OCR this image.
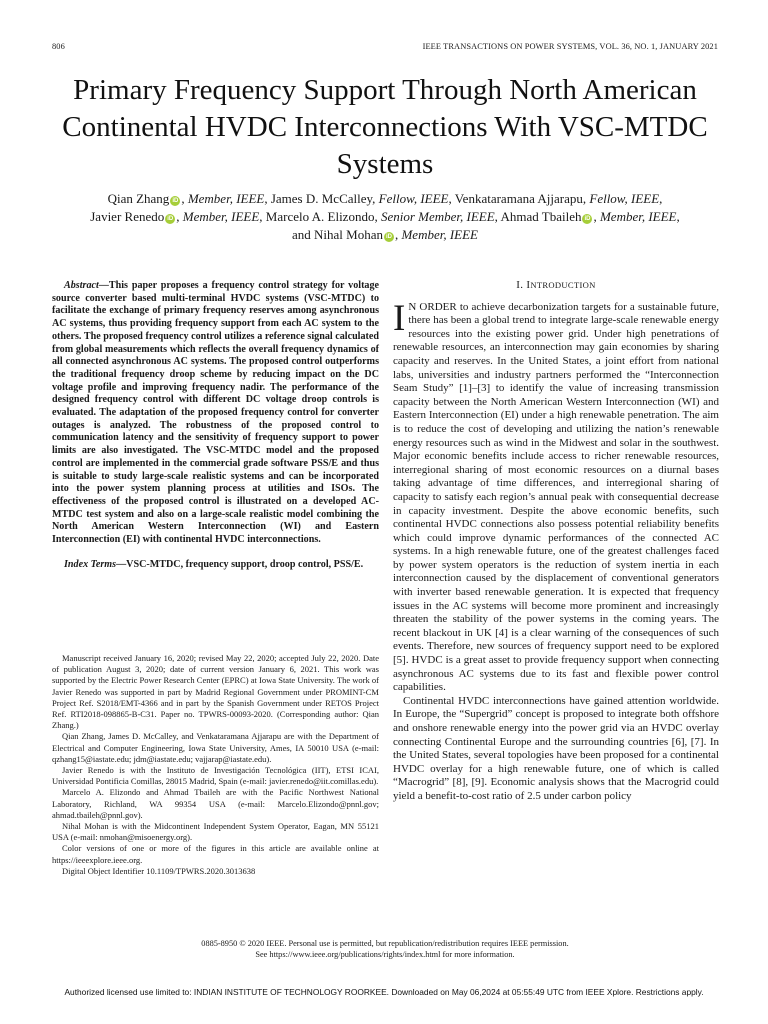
806	IEEE TRANSACTIONS ON POWER SYSTEMS, VOL. 36, NO. 1, JANUARY 2021
Primary Frequency Support Through North American Continental HVDC Interconnections With VSC-MTDC Systems
Qian Zhang iD , Member, IEEE, James D. McCalley, Fellow, IEEE, Venkataramana Ajjarapu, Fellow, IEEE,
Javier Renedo iD , Member, IEEE, Marcelo A. Elizondo, Senior Member, IEEE, Ahmad Tbaileh iD , Member, IEEE,
and Nihal Mohan iD , Member, IEEE

Abstract—This paper proposes a frequency control strategy for voltage source converter based multi-terminal HVDC systems (VSC-MTDC) to facilitate the exchange of primary frequency reserves among asynchronous AC systems, thus providing frequency support from each AC system to the others. The proposed frequency control utilizes a reference signal calculated from global measurements which reflects the overall frequency dynamics of all connected asynchronous AC systems. The proposed control outperforms the traditional frequency droop scheme by reducing impact on the DC voltage profile and improving frequency nadir. The performance of the designed frequency control with different DC voltage droop controls is evaluated. The adaptation of the proposed frequency control for converter outages is analyzed. The robustness of the proposed control to communication latency and the sensitivity of frequency support to power limits are also investigated. The VSC-MTDC model and the proposed control are implemented in the commercial grade software PSS/E and thus is suitable to study large-scale realistic systems and can be incorporated into the power system planning process at utilities and ISOs. The effectiveness of the proposed control is illustrated on a developed AC-MTDC test system and also on a large-scale realistic model combining the North American Western Interconnection (WI) and Eastern Interconnection (EI) with continental HVDC interconnections.

Index Terms—VSC-MTDC, frequency support, droop control, PSS/E.

Manuscript received January 16, 2020; revised May 22, 2020; accepted July 22, 2020. Date of publication August 3, 2020; date of current version January 6, 2021. This work was supported by the Electric Power Research Center (EPRC) at Iowa State University. The work of Javier Renedo was supported in part by Madrid Regional Government under PROMINT-CM Project Ref. S2018/EMT-4366 and in part by the Spanish Government under RETOS Project Ref. RTI2018-098865-B-C31. Paper no. TPWRS-00093-2020. (Corresponding author: Qian Zhang.)

Qian Zhang, James D. McCalley, and Venkataramana Ajjarapu are with the Department of Electrical and Computer Engineering, Iowa State University, Ames, IA 50010 USA (e-mail: qzhang15@iastate.edu; jdm@iastate.edu; vajjarap@iastate.edu).

Javier Renedo is with the Instituto de Investigación Tecnológica (IIT), ETSI ICAI, Universidad Pontificia Comillas, 28015 Madrid, Spain (e-mail: javier.renedo@iit.comillas.edu).

Marcelo A. Elizondo and Ahmad Tbaileh are with the Pacific Northwest National Laboratory, Richland, WA 99354 USA (e-mail: Marcelo.Elizondo@pnnl.gov; ahmad.tbaileh@pnnl.gov).

Nihal Mohan is with the Midcontinent Independent System Operator, Eagan, MN 55121 USA (e-mail: nmohan@misoenergy.org).

Color versions of one or more of the figures in this article are available online at https://ieeexplore.ieee.org.

Digital Object Identifier 10.1109/TPWRS.2020.3013638

I. INTRODUCTION

I N ORDER to achieve decarbonization targets for a sustainable future, there has been a global trend to integrate large-scale renewable energy resources into the existing power grid. Under high penetrations of renewable resources, an interconnection may gain economies by sharing capacity and reserves. In the United States, a joint effort from national labs, universities and industry partners performed the “Interconnection Seam Study” [1]–[3] to identify the value of increasing transmission capacity between the North American Western Interconnection (WI) and Eastern Interconnection (EI) under a high renewable penetration. The aim is to reduce the cost of developing and utilizing the nation’s renewable energy resources such as wind in the Midwest and solar in the southwest. Major economic benefits include access to richer renewable resources, interregional sharing of most economic resources on a diurnal bases taking advantage of time differences, and interregional sharing of capacity to satisfy each region’s annual peak with consequential decrease in capacity investment. Despite the above economic benefits, such continental HVDC connections also possess potential reliability benefits which could improve dynamic performances of the connected AC systems. In a high renewable future, one of the greatest challenges faced by power system operators is the reduction of system inertia in each interconnection caused by the displacement of conventional generators with inverter based renewable generation. It is expected that frequency issues in the AC systems will become more prominent and increasingly threaten the stability of the power systems in the coming years. The recent blackout in UK [4] is a clear warning of the consequences of such events. Therefore, new sources of frequency support need to be explored [5]. HVDC is a great asset to provide frequency support when connecting asynchronous AC systems due to its fast and flexible power control capabilities.

Continental HVDC interconnections have gained attention worldwide. In Europe, the “Supergrid” concept is proposed to integrate both offshore and onshore renewable energy into the power grid via an HVDC overlay connecting Continental Europe and the surrounding countries [6], [7]. In the United States, several topologies have been proposed for a continental HVDC overlay for a high renewable future, one of which is called “Macrogrid” [8], [9]. Economic analysis shows that the Macrogrid could yield a benefit-to-cost ratio of 2.5 under carbon policy

0885-8950 © 2020 IEEE. Personal use is permitted, but republication/redistribution requires IEEE permission.
See https://www.ieee.org/publications/rights/index.html for more information.
Authorized licensed use limited to: INDIAN INSTITUTE OF TECHNOLOGY ROORKEE. Downloaded on May 06,2024 at 05:55:49 UTC from IEEE Xplore. Restrictions apply.
